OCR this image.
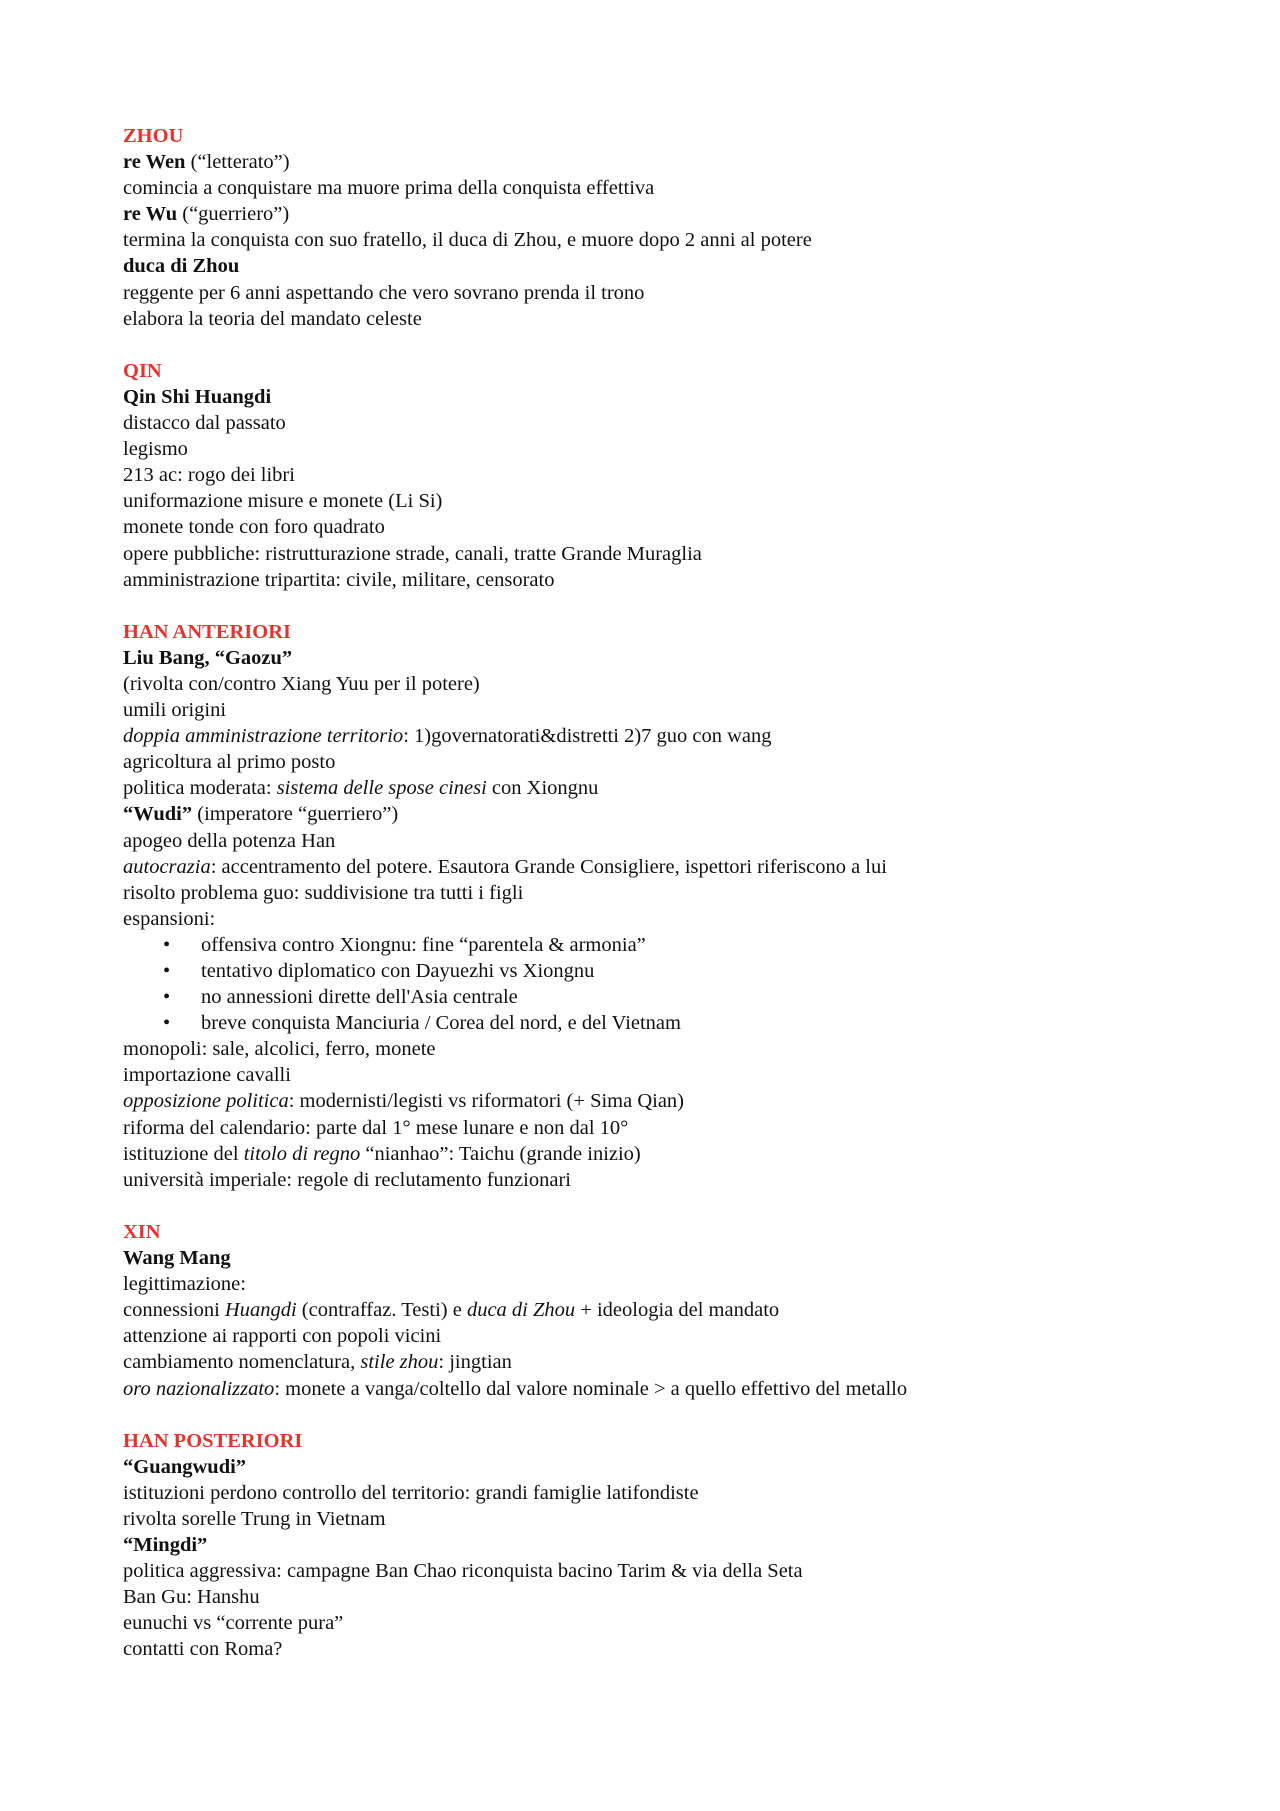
ZHOU
re Wen (“letterato”)
comincia a conquistare ma muore prima della conquista effettiva
re Wu (“guerriero”)
termina la conquista con suo fratello, il duca di Zhou, e muore dopo 2 anni al potere
duca di Zhou
reggente per 6 anni aspettando che vero sovrano prenda il trono
elabora la teoria del mandato celeste
QIN
Qin Shi Huangdi
distacco dal passato
legismo
213 ac: rogo dei libri
uniformazione misure e monete (Li Si)
monete tonde con foro quadrato
opere pubbliche: ristrutturazione strade, canali, tratte Grande Muraglia
amministrazione tripartita: civile, militare, censorato
HAN ANTERIORI
Liu Bang, “Gaozu”
(rivolta con/contro Xiang Yuu per il potere)
umili origini
doppia amministrazione territorio: 1)governatorati&distretti 2)7 guo con wang
agricoltura al primo posto
politica moderata: sistema delle spose cinesi con Xiongnu
“Wudi” (imperatore “guerriero”)
apogeo della potenza Han
autocrazia: accentramento del potere. Esautora Grande Consigliere, ispettori riferiscono a lui
risolto problema guo: suddivisione tra tutti i figli
espansioni:
• offensiva contro Xiongnu: fine “parentela & armonia”
• tentativo diplomatico con Dayuezhi vs Xiongnu
• no annessioni dirette dell'Asia centrale
• breve conquista Manciuria / Corea del nord, e del Vietnam
monopoli: sale, alcolici, ferro, monete
importazione cavalli
opposizione politica: modernisti/legisti vs riformatori (+ Sima Qian)
riforma del calendario: parte dal 1° mese lunare e non dal 10°
istituzione del titolo di regno “nianhao”: Taichu (grande inizio)
università imperiale: regole di reclutamento funzionari
XIN
Wang Mang
legittimazione:
connessioni Huangdi (contraffaz. Testi) e duca di Zhou + ideologia del mandato
attenzione ai rapporti con popoli vicini
cambiamento nomenclatura, stile zhou: jingtian
oro nazionalizzato: monete a vanga/coltello dal valore nominale > a quello effettivo del metallo
HAN POSTERIORI
“Guangwudi”
istituzioni perdono controllo del territorio: grandi famiglie latifondiste
rivolta sorelle Trung in Vietnam
“Mingdi”
politica aggressiva: campagne Ban Chao riconquista bacino Tarim & via della Seta
Ban Gu: Hanshu
eunuchi vs “corrente pura”
contatti con Roma?
